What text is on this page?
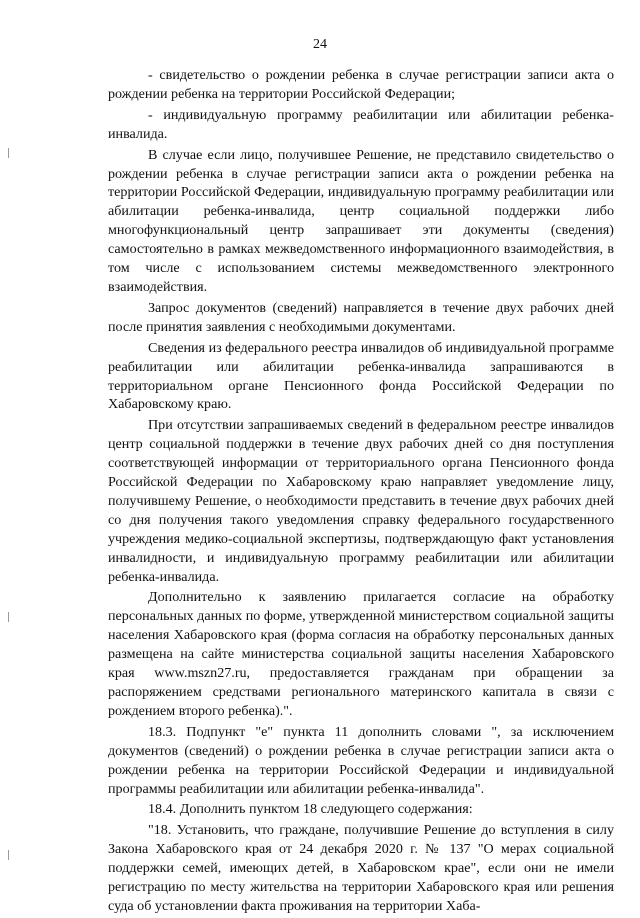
24

- свидетельство о рождении ребенка в случае регистрации записи акта о рождении ребенка на территории Российской Федерации;

- индивидуальную программу реабилитации или абилитации ребенка-инвалида.

В случае если лицо, получившее Решение, не представило свидетельство о рождении ребенка в случае регистрации записи акта о рождении ребенка на территории Российской Федерации, индивидуальную программу реабилитации или абилитации ребенка-инвалида, центр социальной поддержки либо многофункциональный центр запрашивает эти документы (сведения) самостоятельно в рамках межведомственного информационного взаимодействия, в том числе с использованием системы межведомственного электронного взаимодействия.

Запрос документов (сведений) направляется в течение двух рабочих дней после принятия заявления с необходимыми документами.

Сведения из федерального реестра инвалидов об индивидуальной программе реабилитации или абилитации ребенка-инвалида запрашиваются в территориальном органе Пенсионного фонда Российской Федерации по Хабаровскому краю.

При отсутствии запрашиваемых сведений в федеральном реестре инвалидов центр социальной поддержки в течение двух рабочих дней со дня поступления соответствующей информации от территориального органа Пенсионного фонда Российской Федерации по Хабаровскому краю направляет уведомление лицу, получившему Решение, о необходимости представить в течение двух рабочих дней со дня получения такого уведомления справку федерального государственного учреждения медико-социальной экспертизы, подтверждающую факт установления инвалидности, и индивидуальную программу реабилитации или абилитации ребенка-инвалида.

Дополнительно к заявлению прилагается согласие на обработку персональных данных по форме, утвержденной министерством социальной защиты населения Хабаровского края (форма согласия на обработку персональных данных размещена на сайте министерства социальной защиты населения Хабаровского края www.mszn27.ru, предоставляется гражданам при обращении за распоряжением средствами регионального материнского капитала в связи с рождением второго ребенка).".

18.3. Подпункт "е" пункта 11 дополнить словами ", за исключением документов (сведений) о рождении ребенка в случае регистрации записи акта о рождении ребенка на территории Российской Федерации и индивидуальной программы реабилитации или абилитации ребенка-инвалида".

18.4. Дополнить пунктом 18 следующего содержания:

"18. Установить, что граждане, получившие Решение до вступления в силу Закона Хабаровского края от 24 декабря 2020 г. № 137 "О мерах социальной поддержки семей, имеющих детей, в Хабаровском крае", если они не имели регистрацию по месту жительства на территории Хабаровского края или решения суда об установлении факта проживания на территории Хаба-
